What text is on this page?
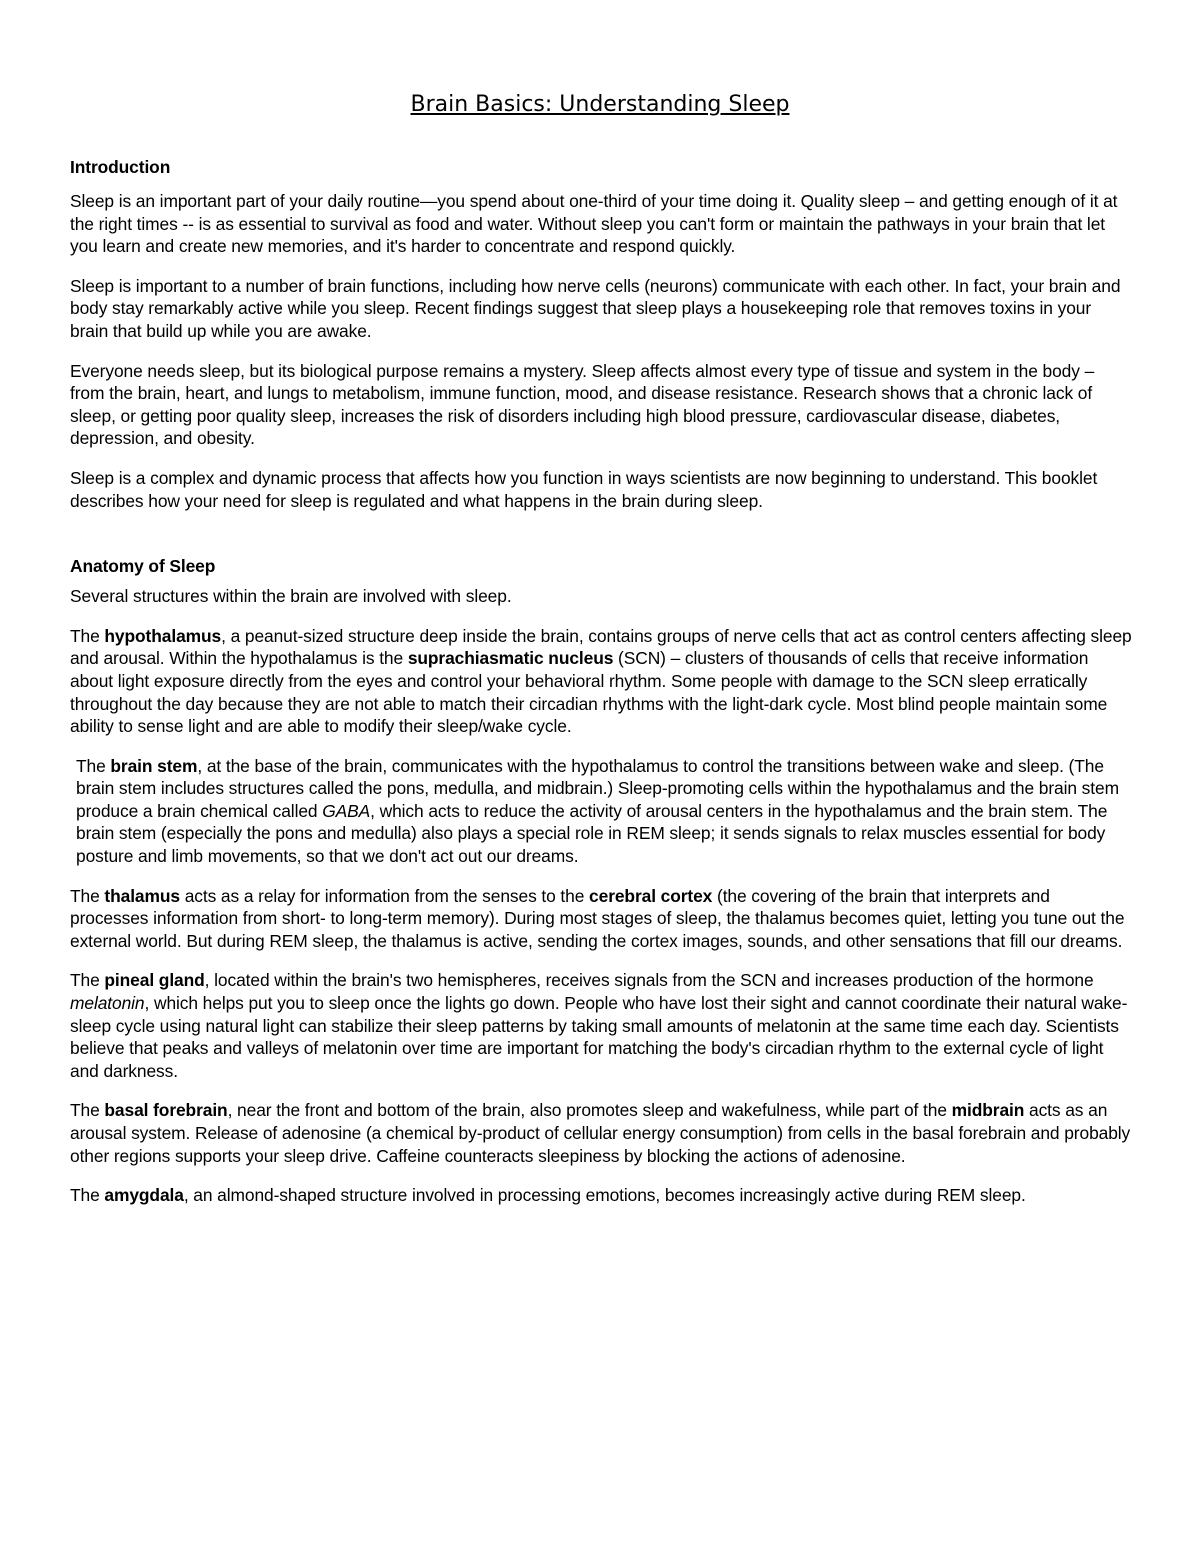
Brain Basics: Understanding Sleep
Introduction

Sleep is an important part of your daily routine—you spend about one-third of your time doing it. Quality sleep – and getting enough of it at the right times -- is as essential to survival as food and water. Without sleep you can't form or maintain the pathways in your brain that let you learn and create new memories, and it's harder to concentrate and respond quickly.

Sleep is important to a number of brain functions, including how nerve cells (neurons) communicate with each other. In fact, your brain and body stay remarkably active while you sleep. Recent findings suggest that sleep plays a housekeeping role that removes toxins in your brain that build up while you are awake.

Everyone needs sleep, but its biological purpose remains a mystery. Sleep affects almost every type of tissue and system in the body – from the brain, heart, and lungs to metabolism, immune function, mood, and disease resistance. Research shows that a chronic lack of sleep, or getting poor quality sleep, increases the risk of disorders including high blood pressure, cardiovascular disease, diabetes, depression, and obesity.

Sleep is a complex and dynamic process that affects how you function in ways scientists are now beginning to understand. This booklet describes how your need for sleep is regulated and what happens in the brain during sleep.

Anatomy of Sleep

Several structures within the brain are involved with sleep.

The hypothalamus, a peanut-sized structure deep inside the brain, contains groups of nerve cells that act as control centers affecting sleep and arousal. Within the hypothalamus is the suprachiasmatic nucleus (SCN) – clusters of thousands of cells that receive information about light exposure directly from the eyes and control your behavioral rhythm. Some people with damage to the SCN sleep erratically throughout the day because they are not able to match their circadian rhythms with the light-dark cycle. Most blind people maintain some ability to sense light and are able to modify their sleep/wake cycle.

The brain stem, at the base of the brain, communicates with the hypothalamus to control the transitions between wake and sleep. (The brain stem includes structures called the pons, medulla, and midbrain.) Sleep-promoting cells within the hypothalamus and the brain stem produce a brain chemical called GABA, which acts to reduce the activity of arousal centers in the hypothalamus and the brain stem. The brain stem (especially the pons and medulla) also plays a special role in REM sleep; it sends signals to relax muscles essential for body posture and limb movements, so that we don't act out our dreams.

The thalamus acts as a relay for information from the senses to the cerebral cortex (the covering of the brain that interprets and processes information from short- to long-term memory). During most stages of sleep, the thalamus becomes quiet, letting you tune out the external world. But during REM sleep, the thalamus is active, sending the cortex images, sounds, and other sensations that fill our dreams.

The pineal gland, located within the brain's two hemispheres, receives signals from the SCN and increases production of the hormone melatonin, which helps put you to sleep once the lights go down. People who have lost their sight and cannot coordinate their natural wake-sleep cycle using natural light can stabilize their sleep patterns by taking small amounts of melatonin at the same time each day. Scientists believe that peaks and valleys of melatonin over time are important for matching the body's circadian rhythm to the external cycle of light and darkness.

The basal forebrain, near the front and bottom of the brain, also promotes sleep and wakefulness, while part of the midbrain acts as an arousal system. Release of adenosine (a chemical by-product of cellular energy consumption) from cells in the basal forebrain and probably other regions supports your sleep drive. Caffeine counteracts sleepiness by blocking the actions of adenosine.

The amygdala, an almond-shaped structure involved in processing emotions, becomes increasingly active during REM sleep.
